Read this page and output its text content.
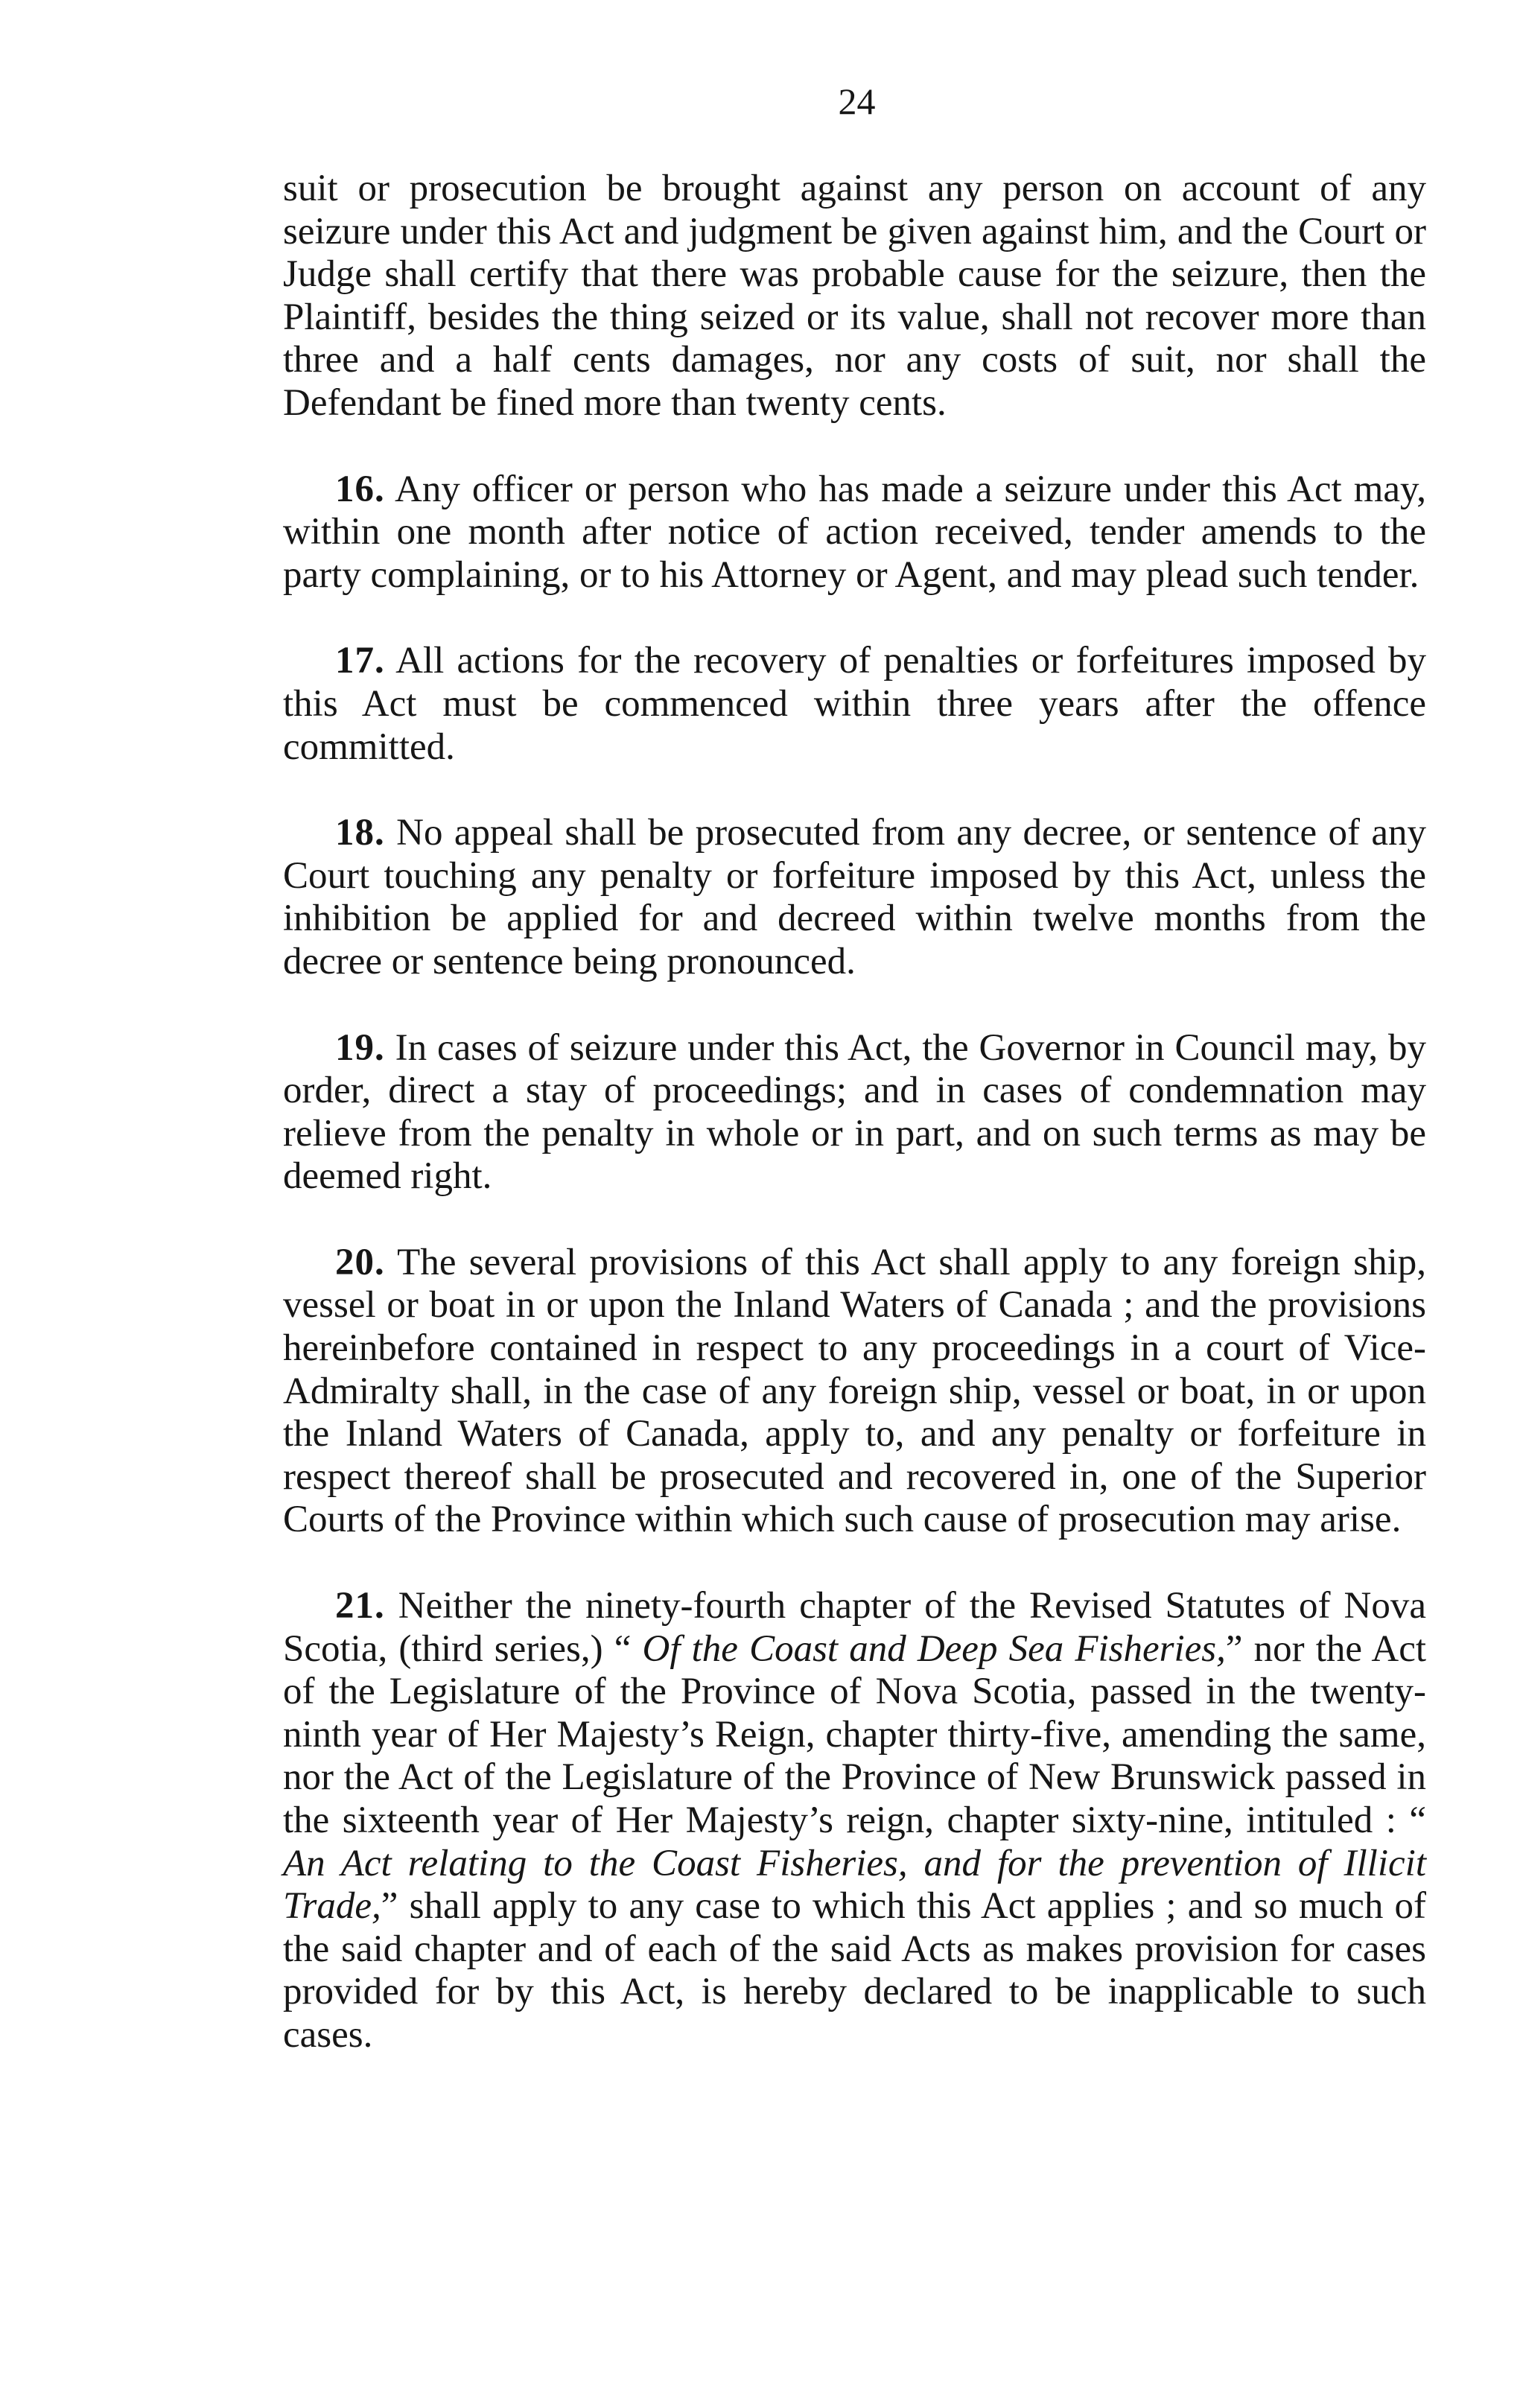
24

suit or prosecution be brought against any person on account of any seizure under this Act and judgment be given against him, and the Court or Judge shall certify that there was probable cause for the seizure, then the Plaintiff, besides the thing seized or its value, shall not recover more than three and a half cents damages, nor any costs of suit, nor shall the Defendant be fined more than twenty cents.

16. Any officer or person who has made a seizure under this Act may, within one month after notice of action received, tender amends to the party complaining, or to his Attorney or Agent, and may plead such tender.

17. All actions for the recovery of penalties or forfeitures imposed by this Act must be commenced within three years after the offence committed.

18. No appeal shall be prosecuted from any decree, or sentence of any Court touching any penalty or forfeiture imposed by this Act, unless the inhibition be applied for and decreed within twelve months from the decree or sentence being pronounced.

19. In cases of seizure under this Act, the Governor in Council may, by order, direct a stay of proceedings; and in cases of condemnation may relieve from the penalty in whole or in part, and on such terms as may be deemed right.

20. The several provisions of this Act shall apply to any foreign ship, vessel or boat in or upon the Inland Waters of Canada ; and the provisions hereinbefore contained in respect to any proceedings in a court of Vice-Admiralty shall, in the case of any foreign ship, vessel or boat, in or upon the Inland Waters of Canada, apply to, and any penalty or forfeiture in respect thereof shall be prosecuted and recovered in, one of the Superior Courts of the Province within which such cause of prosecution may arise.

21. Neither the ninety-fourth chapter of the Revised Statutes of Nova Scotia, (third series,) “ Of the Coast and Deep Sea Fisheries,” nor the Act of the Legislature of the Province of Nova Scotia, passed in the twenty-ninth year of Her Majesty’s Reign, chapter thirty-five, amending the same, nor the Act of the Legislature of the Province of New Brunswick passed in the sixteenth year of Her Majesty’s reign, chapter sixty-nine, intituled : “ An Act relating to the Coast Fisheries, and for the prevention of Illicit Trade,” shall apply to any case to which this Act applies ; and so much of the said chapter and of each of the said Acts as makes provision for cases provided for by this Act, is hereby declared to be inapplicable to such cases.
